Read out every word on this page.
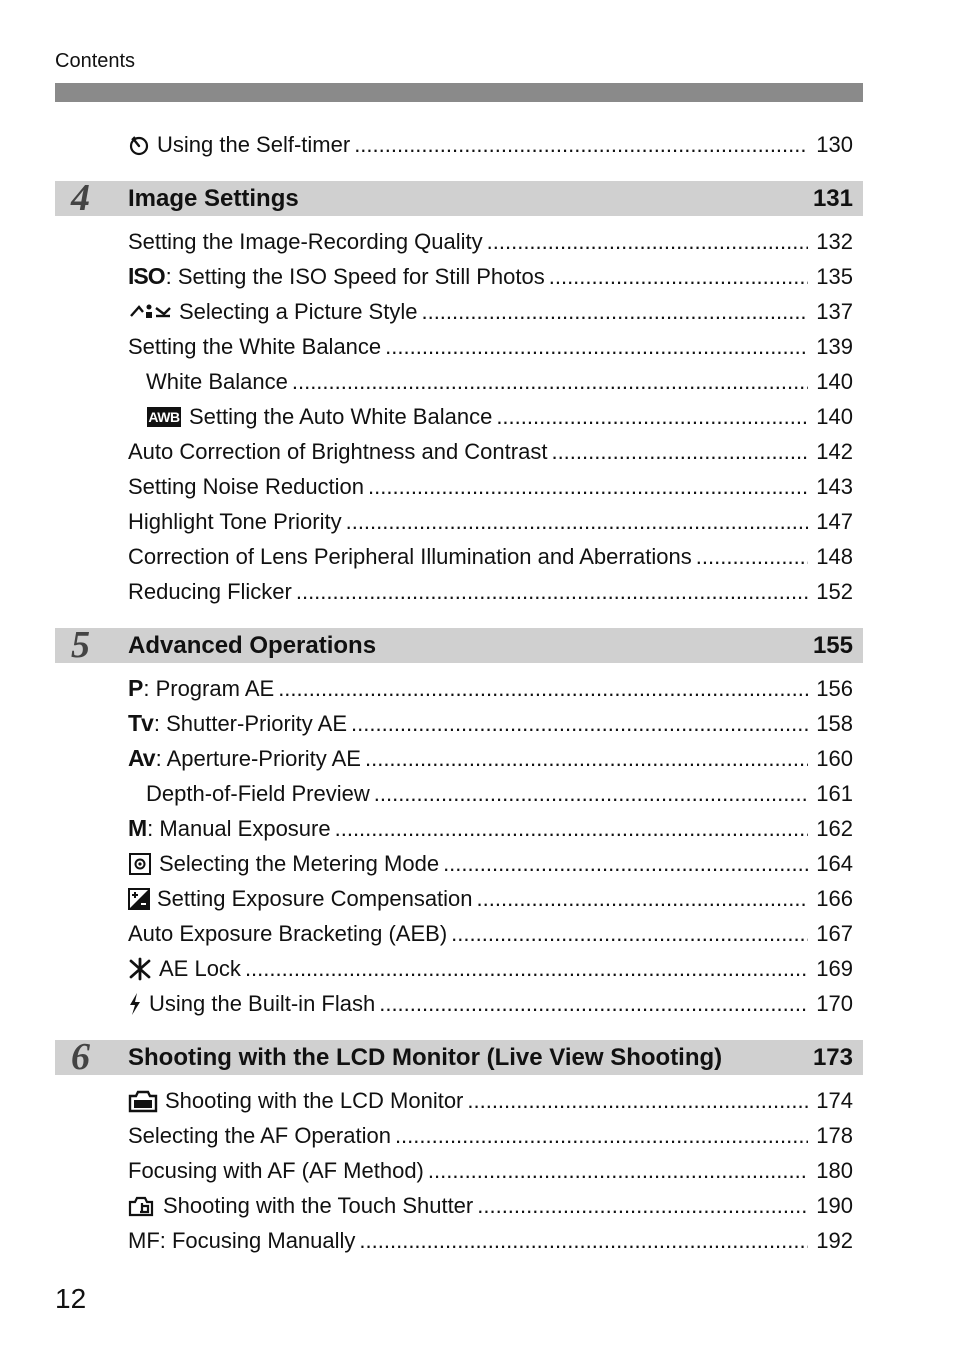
Contents
Using the Self-timer .....	130
4 Image Settings	131
Setting the Image-Recording Quality .....	132
ISO : Setting the ISO Speed for Still Photos .....	135
Selecting a Picture Style .....	137
Setting the White Balance .....	139
White Balance .....	140
AWB Setting the Auto White Balance .....	140
Auto Correction of Brightness and Contrast .....	142
Setting Noise Reduction .....	143
Highlight Tone Priority .....	147
Correction of Lens Peripheral Illumination and Aberrations .....	148
Reducing Flicker .....	152
5 Advanced Operations	155
P : Program AE .....	156
Tv : Shutter-Priority AE .....	158
Av : Aperture-Priority AE .....	160
Depth-of-Field Preview .....	161
M : Manual Exposure .....	162
Selecting the Metering Mode .....	164
Setting Exposure Compensation .....	166
Auto Exposure Bracketing (AEB) .....	167
AE Lock .....	169
Using the Built-in Flash .....	170
6 Shooting with the LCD Monitor (Live View Shooting)	173
Shooting with the LCD Monitor .....	174
Selecting the AF Operation .....	178
Focusing with AF (AF Method) .....	180
Shooting with the Touch Shutter .....	190
MF: Focusing Manually .....	192
12
